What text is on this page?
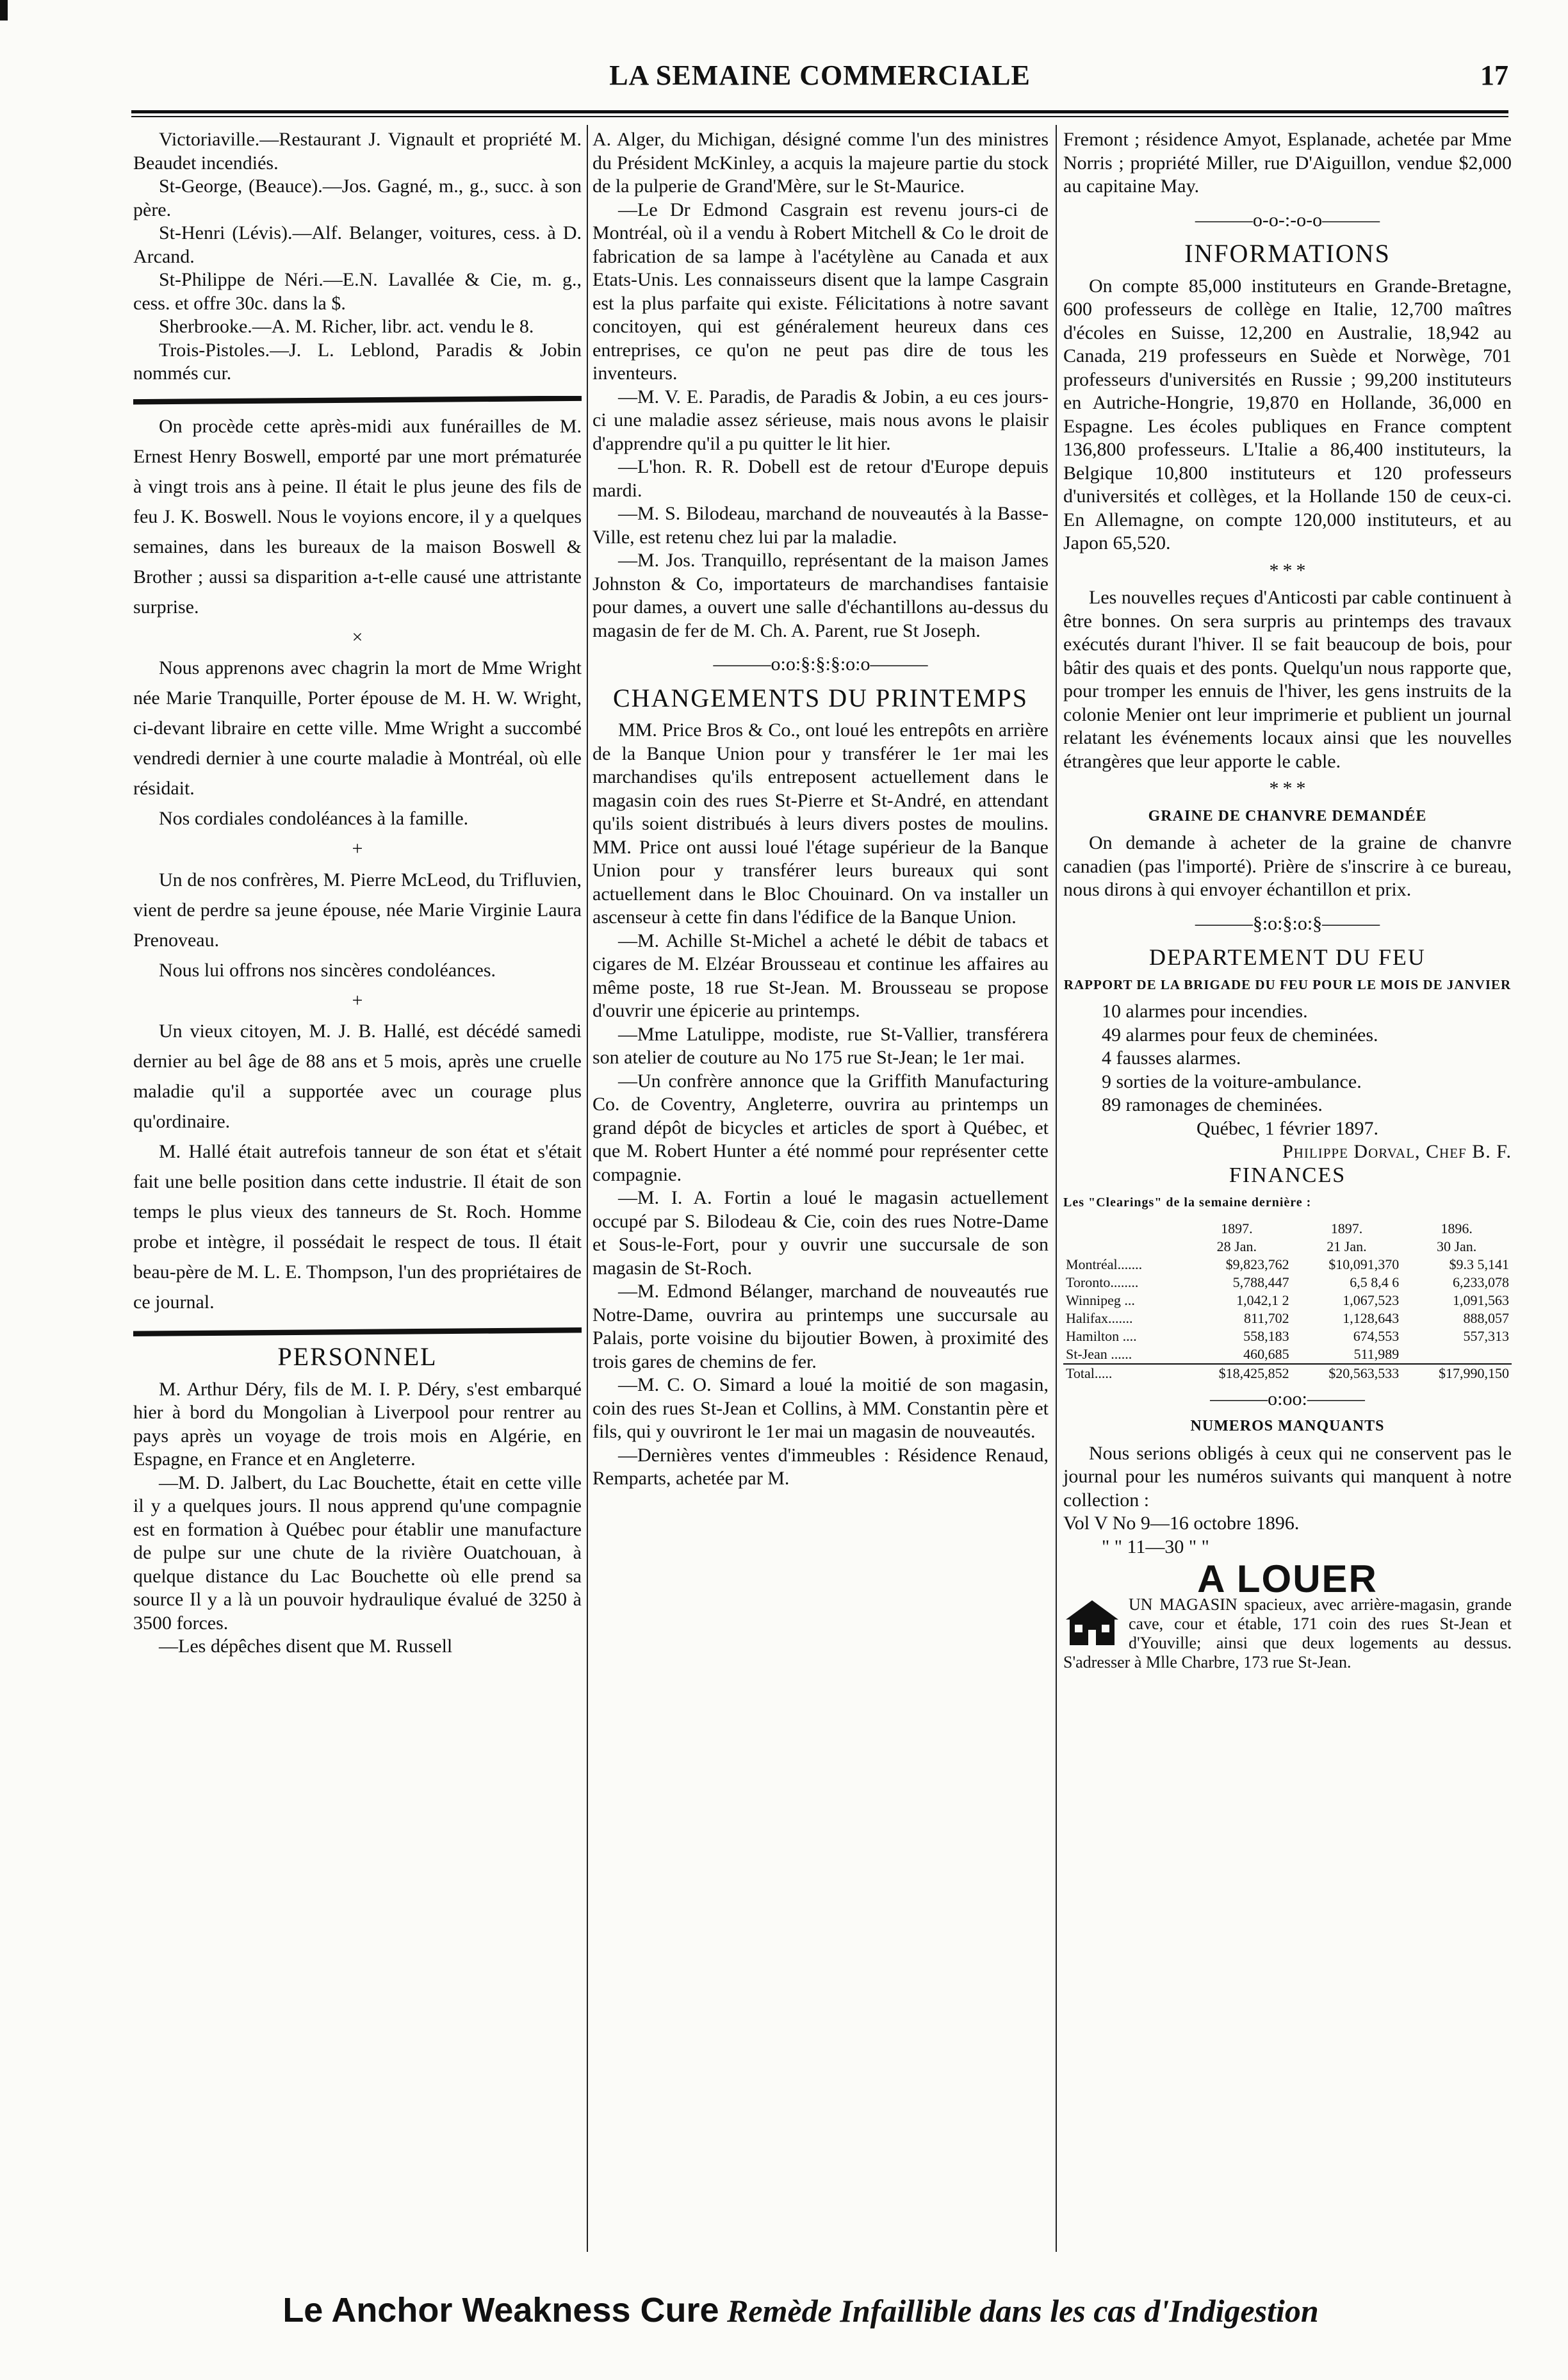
LA SEMAINE COMMERCIALE	17

Victoriaville.—Restaurant J. Vignault et propriété M. Beaudet incendiés.

St-George, (Beauce).—Jos. Gagné, m., g., succ. à son père.

St-Henri (Lévis).—Alf. Belanger, voitures, cess. à D. Arcand.

St-Philippe de Néri.—E.N. Lavallée & Cie, m. g., cess. et offre 30c. dans la $.

Sherbrooke.—A. M. Richer, libr. act. vendu le 8.

Trois-Pistoles.—J. L. Leblond, Paradis & Jobin nommés cur.

On procède cette après-midi aux funérailles de M. Ernest Henry Boswell, emporté par une mort prématurée à vingt trois ans à peine. Il était le plus jeune des fils de feu J. K. Boswell. Nous le voyions encore, il y a quelques semaines, dans les bureaux de la maison Boswell & Brother ; aussi sa disparition a-t-elle causé une attristante surprise.

×

Nous apprenons avec chagrin la mort de Mme Wright née Marie Tranquille, Porter épouse de M. H. W. Wright, ci-devant libraire en cette ville. Mme Wright a succombé vendredi dernier à une courte maladie à Montréal, où elle résidait.

Nos cordiales condoléances à la famille.

+

Un de nos confrères, M. Pierre McLeod, du Trifluvien, vient de perdre sa jeune épouse, née Marie Virginie Laura Prenoveau.

Nous lui offrons nos sincères condoléances.

+

Un vieux citoyen, M. J. B. Hallé, est décédé samedi dernier au bel âge de 88 ans et 5 mois, après une cruelle maladie qu'il a supportée avec un courage plus qu'ordinaire.

M. Hallé était autrefois tanneur de son état et s'était fait une belle position dans cette industrie. Il était de son temps le plus vieux des tanneurs de St. Roch. Homme probe et intègre, il possédait le respect de tous. Il était beau-père de M. L. E. Thompson, l'un des propriétaires de ce journal.

PERSONNEL

M. Arthur Déry, fils de M. I. P. Déry, s'est embarqué hier à bord du Mongolian à Liverpool pour rentrer au pays après un voyage de trois mois en Algérie, en Espagne, en France et en Angleterre.

—M. D. Jalbert, du Lac Bouchette, était en cette ville il y a quelques jours. Il nous apprend qu'une compagnie est en formation à Québec pour établir une manufacture de pulpe sur une chute de la rivière Ouatchouan, à quelque distance du Lac Bouchette où elle prend sa source Il y a là un pouvoir hydraulique évalué de 3250 à 3500 forces.

—Les dépêches disent que M. Russell

A. Alger, du Michigan, désigné comme l'un des ministres du Président McKinley, a acquis la majeure partie du stock de la pulperie de Grand'Mère, sur le St-Maurice.

—Le Dr Edmond Casgrain est revenu jours-ci de Montréal, où il a vendu à Robert Mitchell & Co le droit de fabrication de sa lampe à l'acétylène au Canada et aux Etats-Unis. Les connaisseurs disent que la lampe Casgrain est la plus parfaite qui existe. Félicitations à notre savant concitoyen, qui est généralement heureux dans ces entreprises, ce qu'on ne peut pas dire de tous les inventeurs.

—M. V. E. Paradis, de Paradis & Jobin, a eu ces jours-ci une maladie assez sérieuse, mais nous avons le plaisir d'apprendre qu'il a pu quitter le lit hier.

—L'hon. R. R. Dobell est de retour d'Europe depuis mardi.

—M. S. Bilodeau, marchand de nouveautés à la Basse-Ville, est retenu chez lui par la maladie.

—M. Jos. Tranquillo, représentant de la maison James Johnston & Co, importateurs de marchandises fantaisie pour dames, a ouvert une salle d'échantillons au-dessus du magasin de fer de M. Ch. A. Parent, rue St Joseph.

———o:o:§:§:§:o:o———

CHANGEMENTS DU PRINTEMPS

MM. Price Bros & Co., ont loué les entrepôts en arrière de la Banque Union pour y transférer le 1er mai les marchandises qu'ils entreposent actuellement dans le magasin coin des rues St-Pierre et St-André, en attendant qu'ils soient distribués à leurs divers postes de moulins. MM. Price ont aussi loué l'étage supérieur de la Banque Union pour y transférer leurs bureaux qui sont actuellement dans le Bloc Chouinard. On va installer un ascenseur à cette fin dans l'édifice de la Banque Union.

—M. Achille St-Michel a acheté le débit de tabacs et cigares de M. Elzéar Brousseau et continue les affaires au même poste, 18 rue St-Jean. M. Brousseau se propose d'ouvrir une épicerie au printemps.

—Mme Latulippe, modiste, rue St-Vallier, transférera son atelier de couture au No 175 rue St-Jean; le 1er mai.

—Un confrère annonce que la Griffith Manufacturing Co. de Coventry, Angleterre, ouvrira au printemps un grand dépôt de bicycles et articles de sport à Québec, et que M. Robert Hunter a été nommé pour représenter cette compagnie.

—M. I. A. Fortin a loué le magasin actuellement occupé par S. Bilodeau & Cie, coin des rues Notre-Dame et Sous-le-Fort, pour y ouvrir une succursale de son magasin de St-Roch.

—M. Edmond Bélanger, marchand de nouveautés rue Notre-Dame, ouvrira au printemps une succursale au Palais, porte voisine du bijoutier Bowen, à proximité des trois gares de chemins de fer.

—M. C. O. Simard a loué la moitié de son magasin, coin des rues St-Jean et Collins, à MM. Constantin père et fils, qui y ouvriront le 1er mai un magasin de nouveautés.

—Dernières ventes d'immeubles : Résidence Renaud, Remparts, achetée par M.

Fremont ; résidence Amyot, Esplanade, achetée par Mme Norris ; propriété Miller, rue D'Aiguillon, vendue $2,000 au capitaine May.

———o-o-:-o-o———

INFORMATIONS

On compte 85,000 instituteurs en Grande-Bretagne, 600 professeurs de collège en Italie, 12,700 maîtres d'écoles en Suisse, 12,200 en Australie, 18,942 au Canada, 219 professeurs en Suède et Norwège, 701 professeurs d'universités en Russie ; 99,200 instituteurs en Autriche-Hongrie, 19,870 en Hollande, 36,000 en Espagne. Les écoles publiques en France comptent 136,800 professeurs. L'Italie a 86,400 instituteurs, la Belgique 10,800 instituteurs et 120 professeurs d'universités et collèges, et la Hollande 150 de ceux-ci. En Allemagne, on compte 120,000 instituteurs, et au Japon 65,520.

* * *

Les nouvelles reçues d'Anticosti par cable continuent à être bonnes. On sera surpris au printemps des travaux exécutés durant l'hiver. Il se fait beaucoup de bois, pour bâtir des quais et des ponts. Quelqu'un nous rapporte que, pour tromper les ennuis de l'hiver, les gens instruits de la colonie Menier ont leur imprimerie et publient un journal relatant les événements locaux ainsi que les nouvelles étrangères que leur apporte le cable.

* * *

GRAINE DE CHANVRE DEMANDÉE

On demande à acheter de la graine de chanvre canadien (pas l'importé). Prière de s'inscrire à ce bureau, nous dirons à qui envoyer échantillon et prix.

———§:o:§:o:§———

DEPARTEMENT DU FEU

RAPPORT DE LA BRIGADE DU FEU POUR LE MOIS DE JANVIER

10 alarmes pour incendies.

49 alarmes pour feux de cheminées.

4 fausses alarmes.

9 sorties de la voiture-ambulance.

89 ramonages de cheminées.

Québec, 1 février 1897.

Philippe Dorval, Chef B. F.

FINANCES

Les "Clearings" de la semaine dernière :

	1897.	1897.	1896.
	28 Jan.	21 Jan.	30 Jan.
Montréal.......	$9,823,762	$10,091,370	$9.3 5,141
Toronto........	5,788,447	6,5 8,4 6	6,233,078
Winnipeg ...	1,042,1 2	1,067,523	1,091,563
Halifax.......	811,702	1,128,643	888,057
Hamilton ....	558,183	674,553	557,313
St-Jean ......	460,685	511,989	
Total.....	$18,425,852	$20,563,533	$17,990,150

———o:oo:———

NUMEROS MANQUANTS

Nous serions obligés à ceux qui ne conservent pas le journal pour les numéros suivants qui manquent à notre collection :

Vol V No 9—16 octobre 1896.

" " 11—30 " "

A LOUER

UN MAGASIN spacieux, avec arrière-magasin, grande cave, cour et étable, 171 coin des rues St-Jean et d'Youville; ainsi que deux logements au dessus. S'adresser à Mlle Charbre, 173 rue St-Jean.
Le Anchor Weakness Cure Remède Infaillible dans les cas d'Indigestion
